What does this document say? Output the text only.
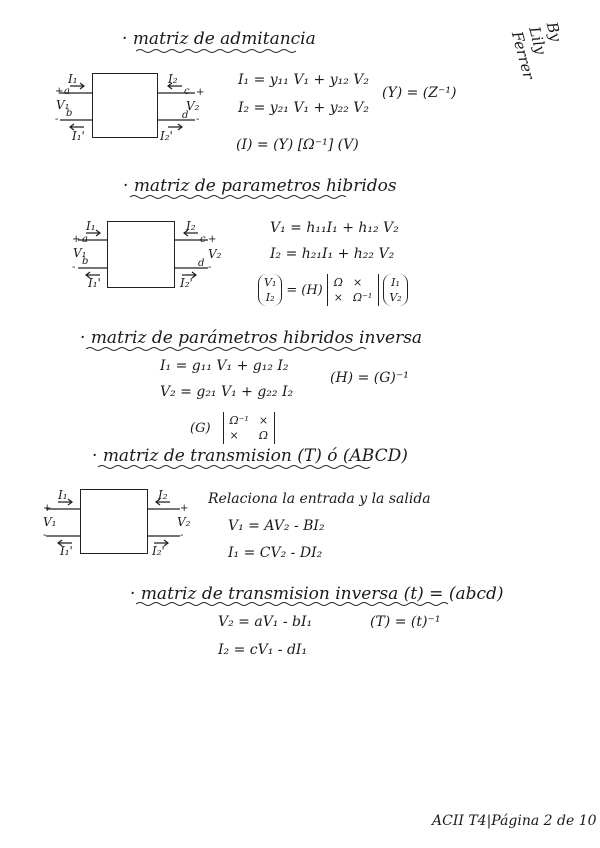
By Lily Ferrer
· matriz de admitancia
I₁	I₂
I₁'	I₂'
V₁	V₂
a
b
c
d
+
-
+
-
I₁ = y₁₁ V₁ + y₁₂ V₂
I₂ = y₂₁ V₁ + y₂₂ V₂
(I) = (Y) [Ω⁻¹] (V)
(Y) = (Z⁻¹)
· matriz de parametros hibridos
I₁	I₂
I₁'	I₂'
V₁	V₂
a
b
c
d
+
-
+
-
V₁ = h₁₁I₁ + h₁₂ V₂
I₂ = h₂₁I₁ + h₂₂ V₂
V₁
I₂ = (H) Ω ×
× Ω⁻¹
I₁
V₂
· matriz de parámetros hibridos inversa
I₁ = g₁₁ V₁ + g₁₂ I₂
V₂ = g₂₁ V₁ + g₂₂ I₂
(H) = (G)⁻¹
(G) Ω⁻¹ ×
×	Ω
· matriz de transmision (T) ó (ABCD)
I₁	I₂
I₁'	I₂'
V₁	V₂
+
-
+
-
Relaciona la entrada y la salida
V₁ = AV₂ - BI₂
I₁ = CV₂ - DI₂
· matriz de transmision inversa (t) = (abcd)
V₂ = aV₁ - bI₁
I₂ = cV₁ - dI₁
(T) = (t)⁻¹
ACII T4|Página 2 de 10
